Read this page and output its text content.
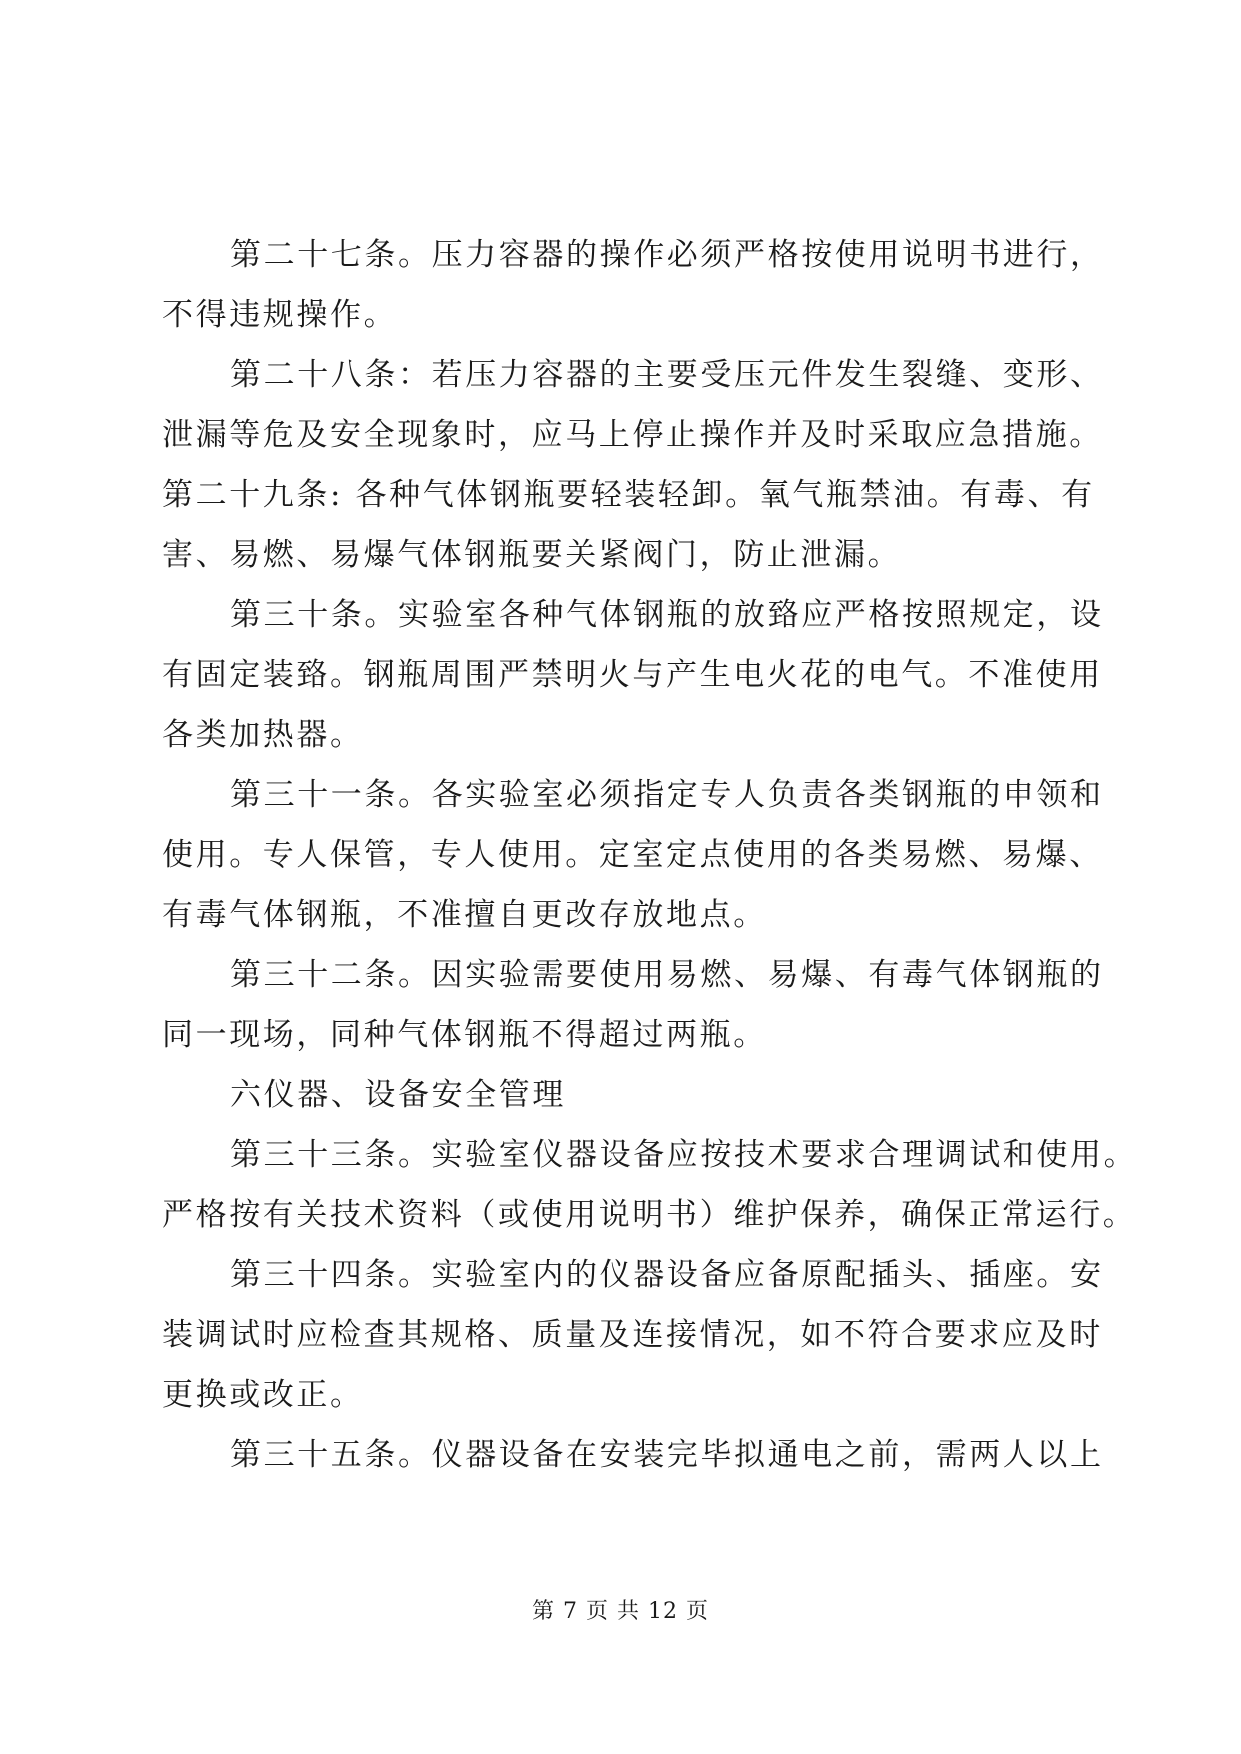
第二十七条。压力容器的操作必须严格按使用说明书进行，
不得违规操作。
第二十八条：若压力容器的主要受压元件发生裂缝、变形、
泄漏等危及安全现象时，应马上停止操作并及时采取应急措施。
第二十九条: 各种气体钢瓶要轻装轻卸。氧气瓶禁油。有毒、有
害、易燃、易爆气体钢瓶要关紧阀门，防止泄漏。
第三十条。实验室各种气体钢瓶的放臵应严格按照规定，设
有固定装臵。钢瓶周围严禁明火与产生电火花的电气。不准使用
各类加热器。
第三十一条。各实验室必须指定专人负责各类钢瓶的申领和
使用。专人保管，专人使用。定室定点使用的各类易燃、易爆、
有毒气体钢瓶，不准擅自更改存放地点。
第三十二条。因实验需要使用易燃、易爆、有毒气体钢瓶的
同一现场，同种气体钢瓶不得超过两瓶。
六仪器、设备安全管理
第三十三条。实验室仪器设备应按技术要求合理调试和使用。
严格按有关技术资料（或使用说明书）维护保养，确保正常运行。
第三十四条。实验室内的仪器设备应备原配插头、插座。安
装调试时应检查其规格、质量及连接情况，如不符合要求应及时
更换或改正。
第三十五条。仪器设备在安装完毕拟通电之前，需两人以上
第 7 页 共 12 页
